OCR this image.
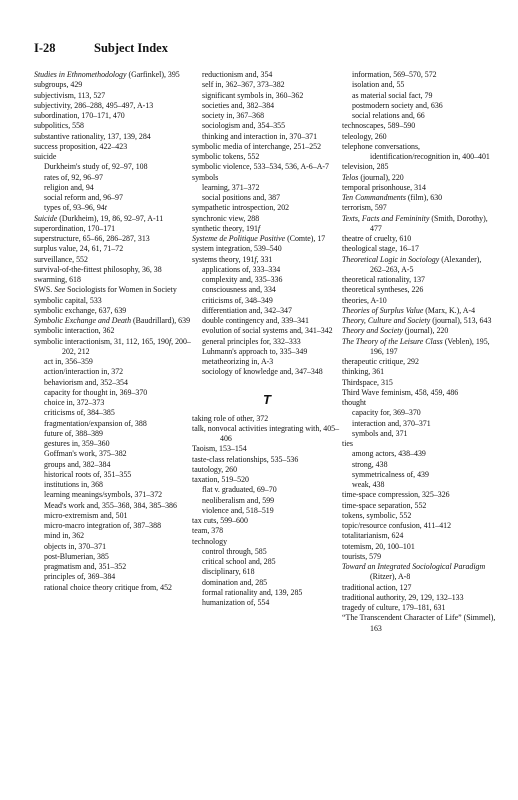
I-28	Subject Index
Studies in Ethnomethodology (Garfinkel), 395
subgroups, 429
subjectivism, 113, 527
subjectivity, 286–288, 495–497, A-13
subordination, 170–171, 470
subpolitics, 558
substantive rationality, 137, 139, 284
success proposition, 422–423
suicide
Durkheim's study of, 92–97, 108
rates of, 92, 96–97
religion and, 94
social reform and, 96–97
types of, 93–96, 94t
Suicide (Durkheim), 19, 86, 92–97, A-11
superordination, 170–171
superstructure, 65–66, 286–287, 313
surplus value, 24, 61, 71–72
surveillance, 552
survival-of-the-fittest philosophy, 36, 38
swarming, 618
SWS. See Sociologists for Women in Society
symbolic capital, 533
symbolic exchange, 637, 639
Symbolic Exchange and Death (Baudrillard), 639
symbolic interaction, 362
symbolic interactionism, 31, 112, 165, 190f, 200–202, 212
act in, 356–359
action/interaction in, 372
behaviorism and, 352–354
capacity for thought in, 369–370
choice in, 372–373
criticisms of, 384–385
fragmentation/expansion of, 388
future of, 388–389
gestures in, 359–360
Goffman's work, 375–382
groups and, 382–384
historical roots of, 351–355
institutions in, 368
learning meanings/symbols, 371–372
Mead's work and, 355–368, 384, 385–386
micro-extremism and, 501
micro-macro integration of, 387–388
mind in, 362
objects in, 370–371
post-Blumerian, 385
pragmatism and, 351–352
principles of, 369–384
rational choice theory critique from, 452
reductionism and, 354
self in, 362–367, 373–382
significant symbols in, 360–362
societies and, 382–384
society in, 367–368
sociologism and, 354–355
thinking and interaction in, 370–371
symbolic media of interchange, 251–252
symbolic tokens, 552
symbolic violence, 533–534, 536, A-6–A-7
symbols
learning, 371–372
social positions and, 387
sympathetic introspection, 202
synchronic view, 288
synthetic theory, 191f
Systeme de Politique Positive (Comte), 17
system integration, 539–540
systems theory, 191f, 331
applications of, 333–334
complexity and, 335–336
consciousness and, 334
criticisms of, 348–349
differentiation and, 342–347
double contingency and, 339–341
evolution of social systems and, 341–342
general principles for, 332–333
Luhmann's approach to, 335–349
metatheorizing in, A-3
sociology of knowledge and, 347–348
T
taking role of other, 372
talk, nonvocal activities integrating with, 405–406
Taoism, 153–154
taste-class relationships, 535–536
tautology, 260
taxation, 519–520
flat v. graduated, 69–70
neoliberalism and, 599
violence and, 518–519
tax cuts, 599–600
team, 378
technology
control through, 585
critical school and, 285
disciplinary, 618
domination and, 285
formal rationality and, 139, 285
humanization of, 554
information, 569–570, 572
isolation and, 55
as material social fact, 79
postmodern society and, 636
social relations and, 66
technoscapes, 589–590
teleology, 260
telephone conversations, identification/recognition in, 400–401
television, 285
Telos (journal), 220
temporal prisonhouse, 314
Ten Commandments (film), 630
terrorism, 597
Texts, Facts and Femininity (Smith, Dorothy), 477
theatre of cruelty, 610
theological stage, 16–17
Theoretical Logic in Sociology (Alexander), 262–263, A-5
theoretical rationality, 137
theoretical syntheses, 226
theories, A-10
Theories of Surplus Value (Marx, K.), A-4
Theory, Culture and Society (journal), 513, 643
Theory and Society (journal), 220
The Theory of the Leisure Class (Veblen), 195, 196, 197
therapeutic critique, 292
thinking, 361
Thirdspace, 315
Third Wave feminism, 458, 459, 486
thought
capacity for, 369–370
interaction and, 370–371
symbols and, 371
ties
among actors, 438–439
strong, 438
symmetricalness of, 439
weak, 438
time-space compression, 325–326
time-space separation, 552
tokens, symbolic, 552
topic/resource confusion, 411–412
totalitarianism, 624
totemism, 20, 100–101
tourists, 579
Toward an Integrated Sociological Paradigm (Ritzer), A-8
traditional action, 127
traditional authority, 29, 129, 132–133
tragedy of culture, 179–181, 631
“The Transcendent Character of Life” (Simmel), 163
